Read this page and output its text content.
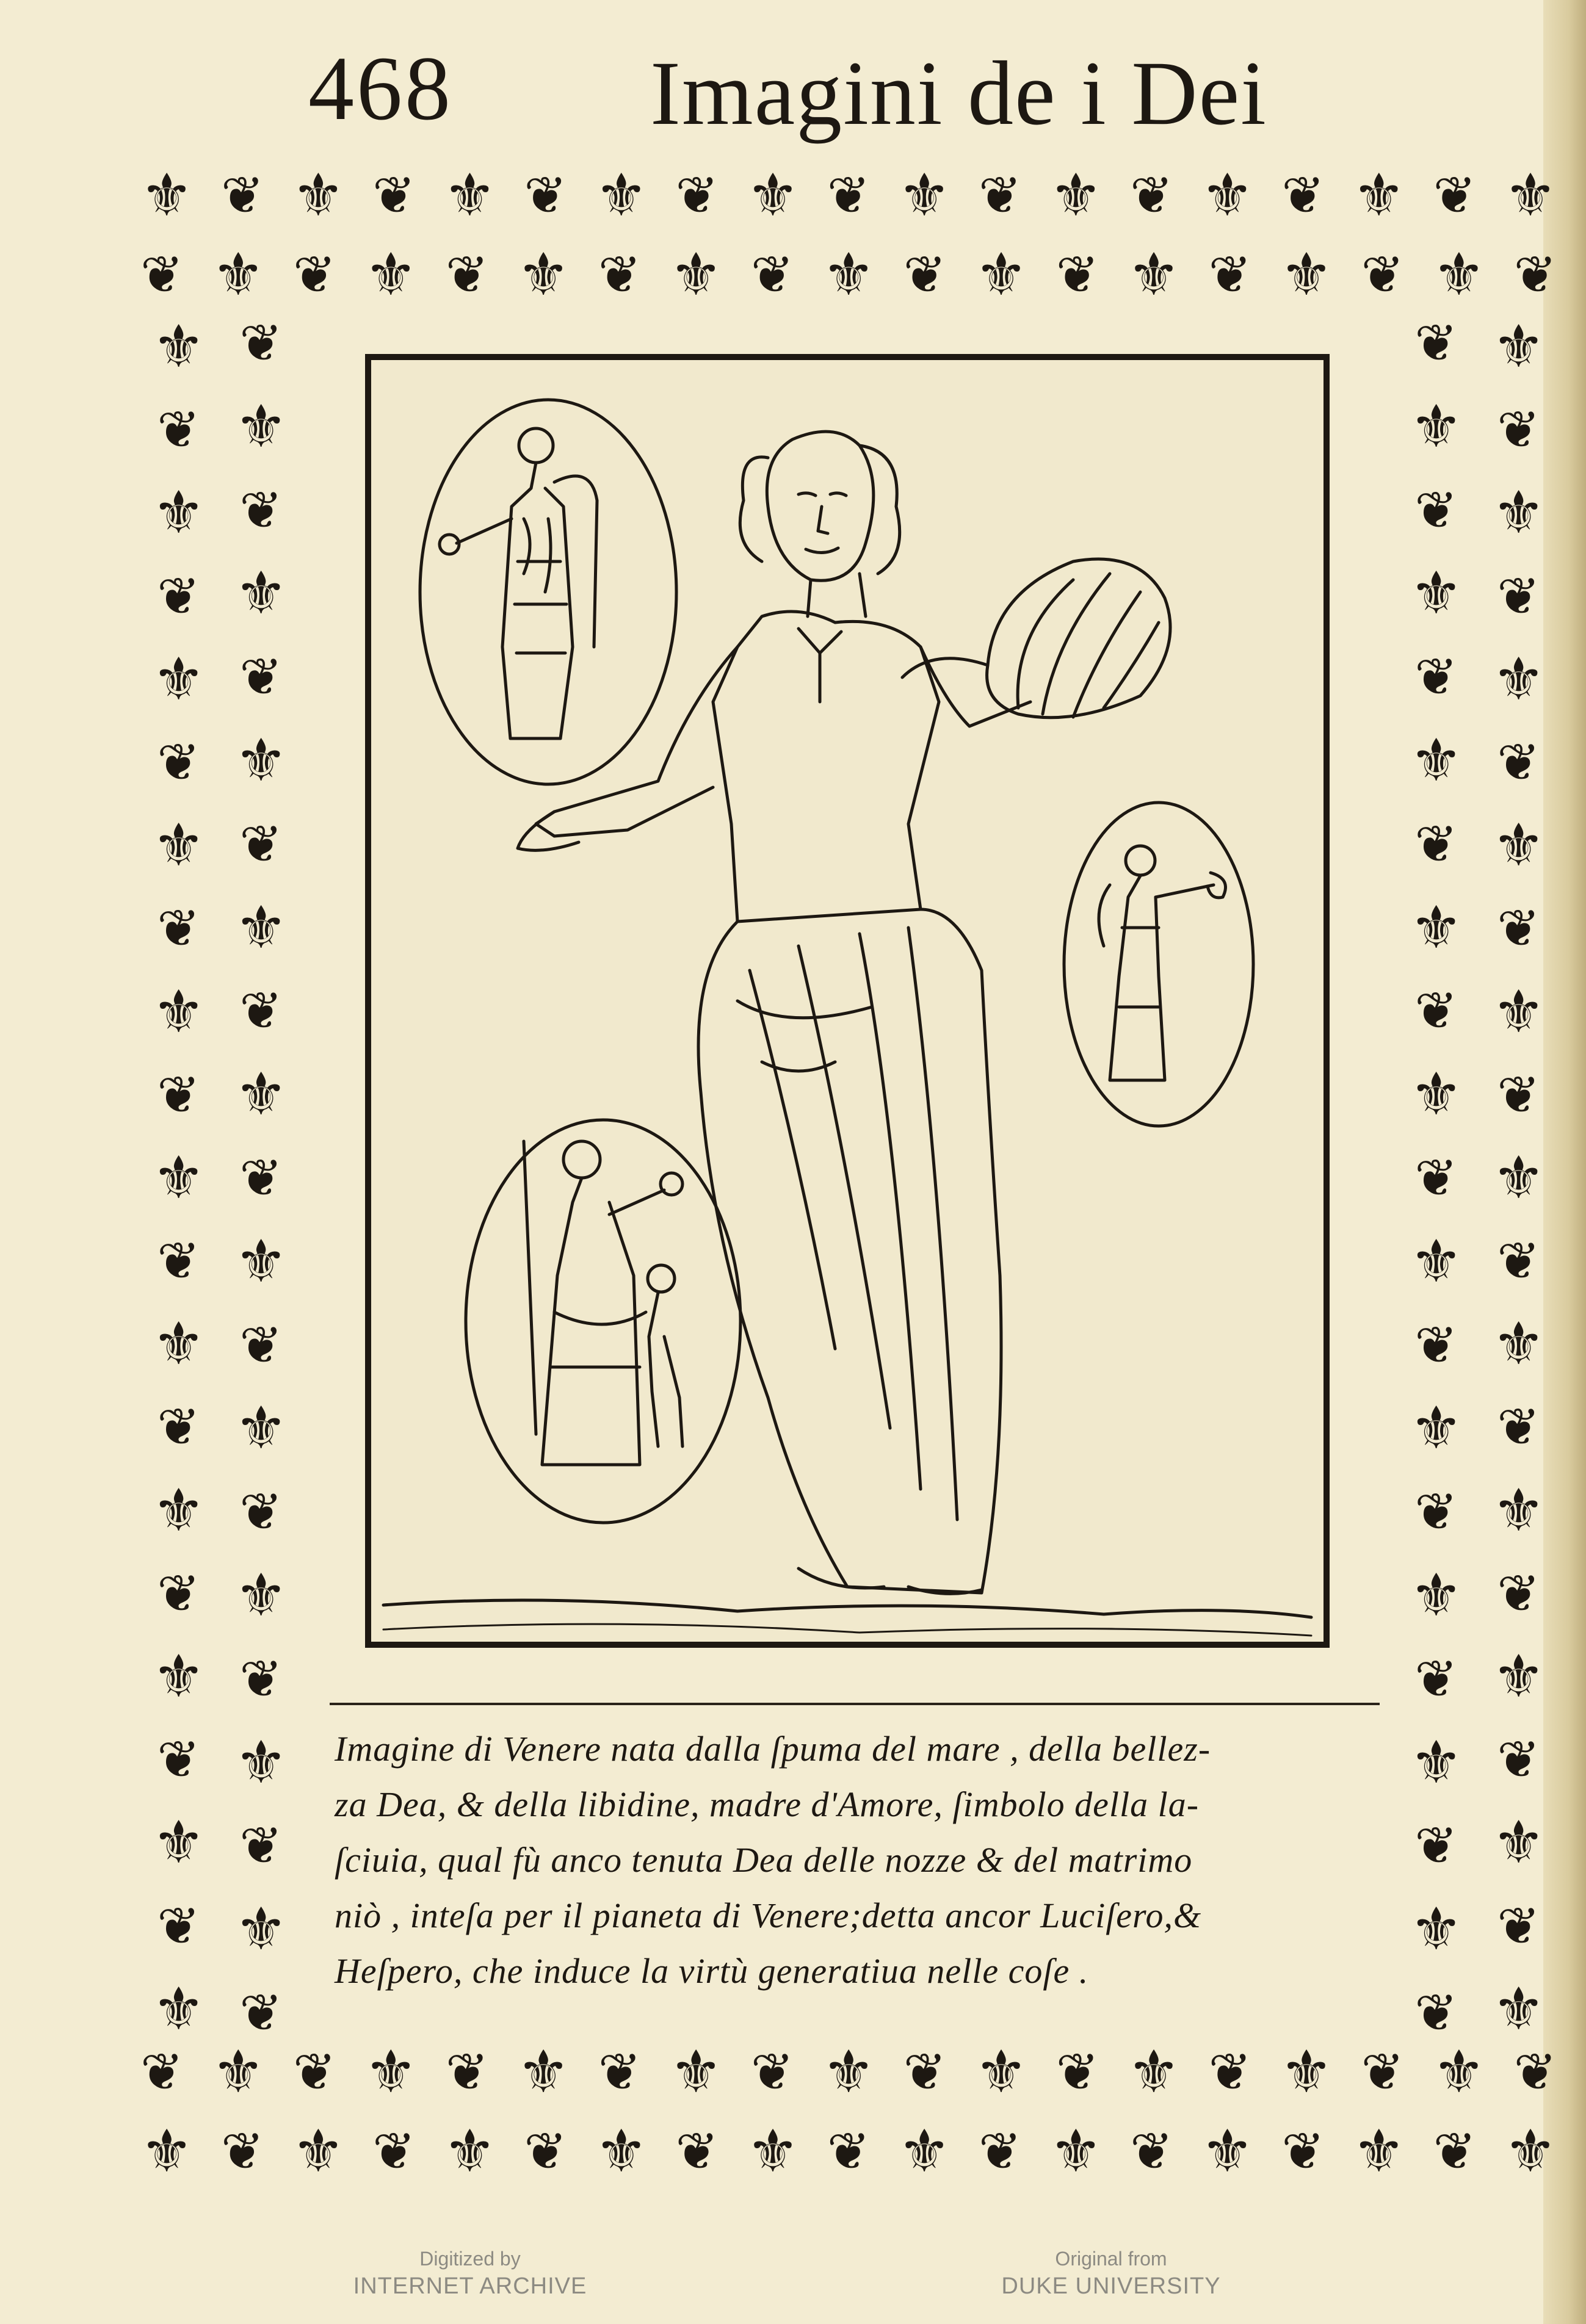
468 Imagini de i Dei
⚜ ❦ ⚜ ❦ ⚜ ❦ ⚜ ❦ ⚜ ❦ ⚜ ❦ ⚜ ❦ ⚜ ❦ ⚜ ❦ ⚜
❦ ⚜ ❦ ⚜ ❦ ⚜ ❦ ⚜ ❦ ⚜ ❦ ⚜ ❦ ⚜ ❦ ⚜ ❦ ⚜ ❦
❦ ⚜ ❦ ⚜ ❦ ⚜ ❦ ⚜ ❦ ⚜ ❦ ⚜ ❦ ⚜ ❦ ⚜ ❦ ⚜ ❦
⚜ ❦ ⚜ ❦ ⚜ ❦ ⚜ ❦ ⚜ ❦ ⚜ ❦ ⚜ ❦ ⚜ ❦ ⚜ ❦ ⚜
⚜
❦
⚜
❦
⚜
❦
⚜
❦
⚜
❦
⚜
❦
⚜
❦
⚜
❦
⚜
❦
⚜
❦
⚜
❦
⚜
❦
⚜
❦
⚜
❦
⚜
❦
⚜
❦
⚜
❦
⚜
❦
⚜
❦
⚜
❦
⚜
❦
❦
⚜
❦
⚜
❦
⚜
❦
⚜
❦
⚜
❦
⚜
❦
⚜
❦
⚜
❦
⚜
❦
⚜
❦
⚜
❦
⚜
❦
⚜
❦
⚜
❦
⚜
❦
⚜
❦
⚜
❦
⚜
❦
⚜
❦
⚜
❦
⚜
Imagine di Venere nata dalla ſpuma del mare , della bellez-
za Dea, & della libidine, madre d'Amore, ſimbolo della la-
ſciuia, qual fù anco tenuta Dea delle nozze & del matrimo
niò , inteſa per il pianeta di Venere;detta ancor Luciſero,&
Heſpero, che induce la virtù generatiua nelle coſe .
Digitized by
INTERNET ARCHIVE
Original from
DUKE UNIVERSITY
